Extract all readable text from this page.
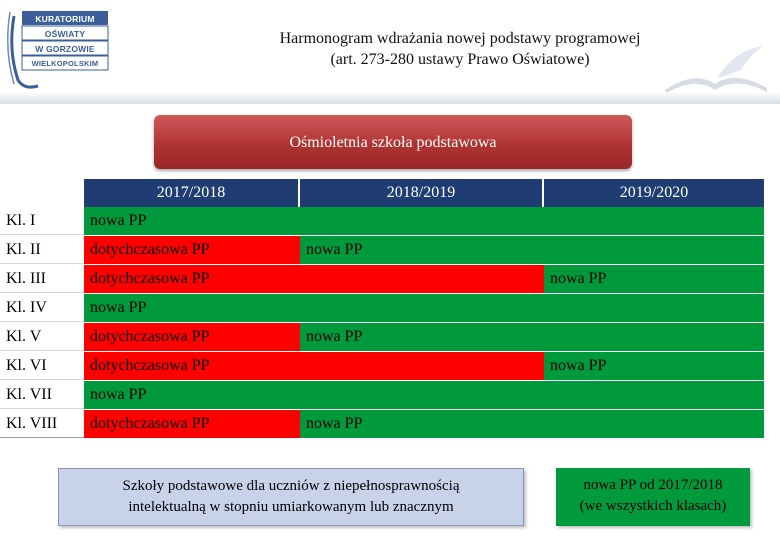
KURATORIUM
OŚWIATY
W GORZOWIE
WIELKOPOLSKIM
Harmonogram wdrażania nowej podstawy programowej
(art. 273-280 ustawy Prawo Oświatowe)
Ośmioletnia szkoła podstawowa
2017/2018	2018/2019	2019/2020
Kl. I	nowa PP
Kl. II	dotychczasowa PP	nowa PP
Kl. III	dotychczasowa PP	nowa PP
Kl. IV	nowa PP
Kl. V	dotychczasowa PP	nowa PP
Kl. VI	dotychczasowa PP	nowa PP
Kl. VII	nowa PP
Kl. VIII	dotychczasowa PP	nowa PP
Szkoły podstawowe dla uczniów z niepełnosprawnością
intelektualną w stopniu umiarkowanym lub znacznym
nowa PP od 2017/2018
(we wszystkich klasach)
